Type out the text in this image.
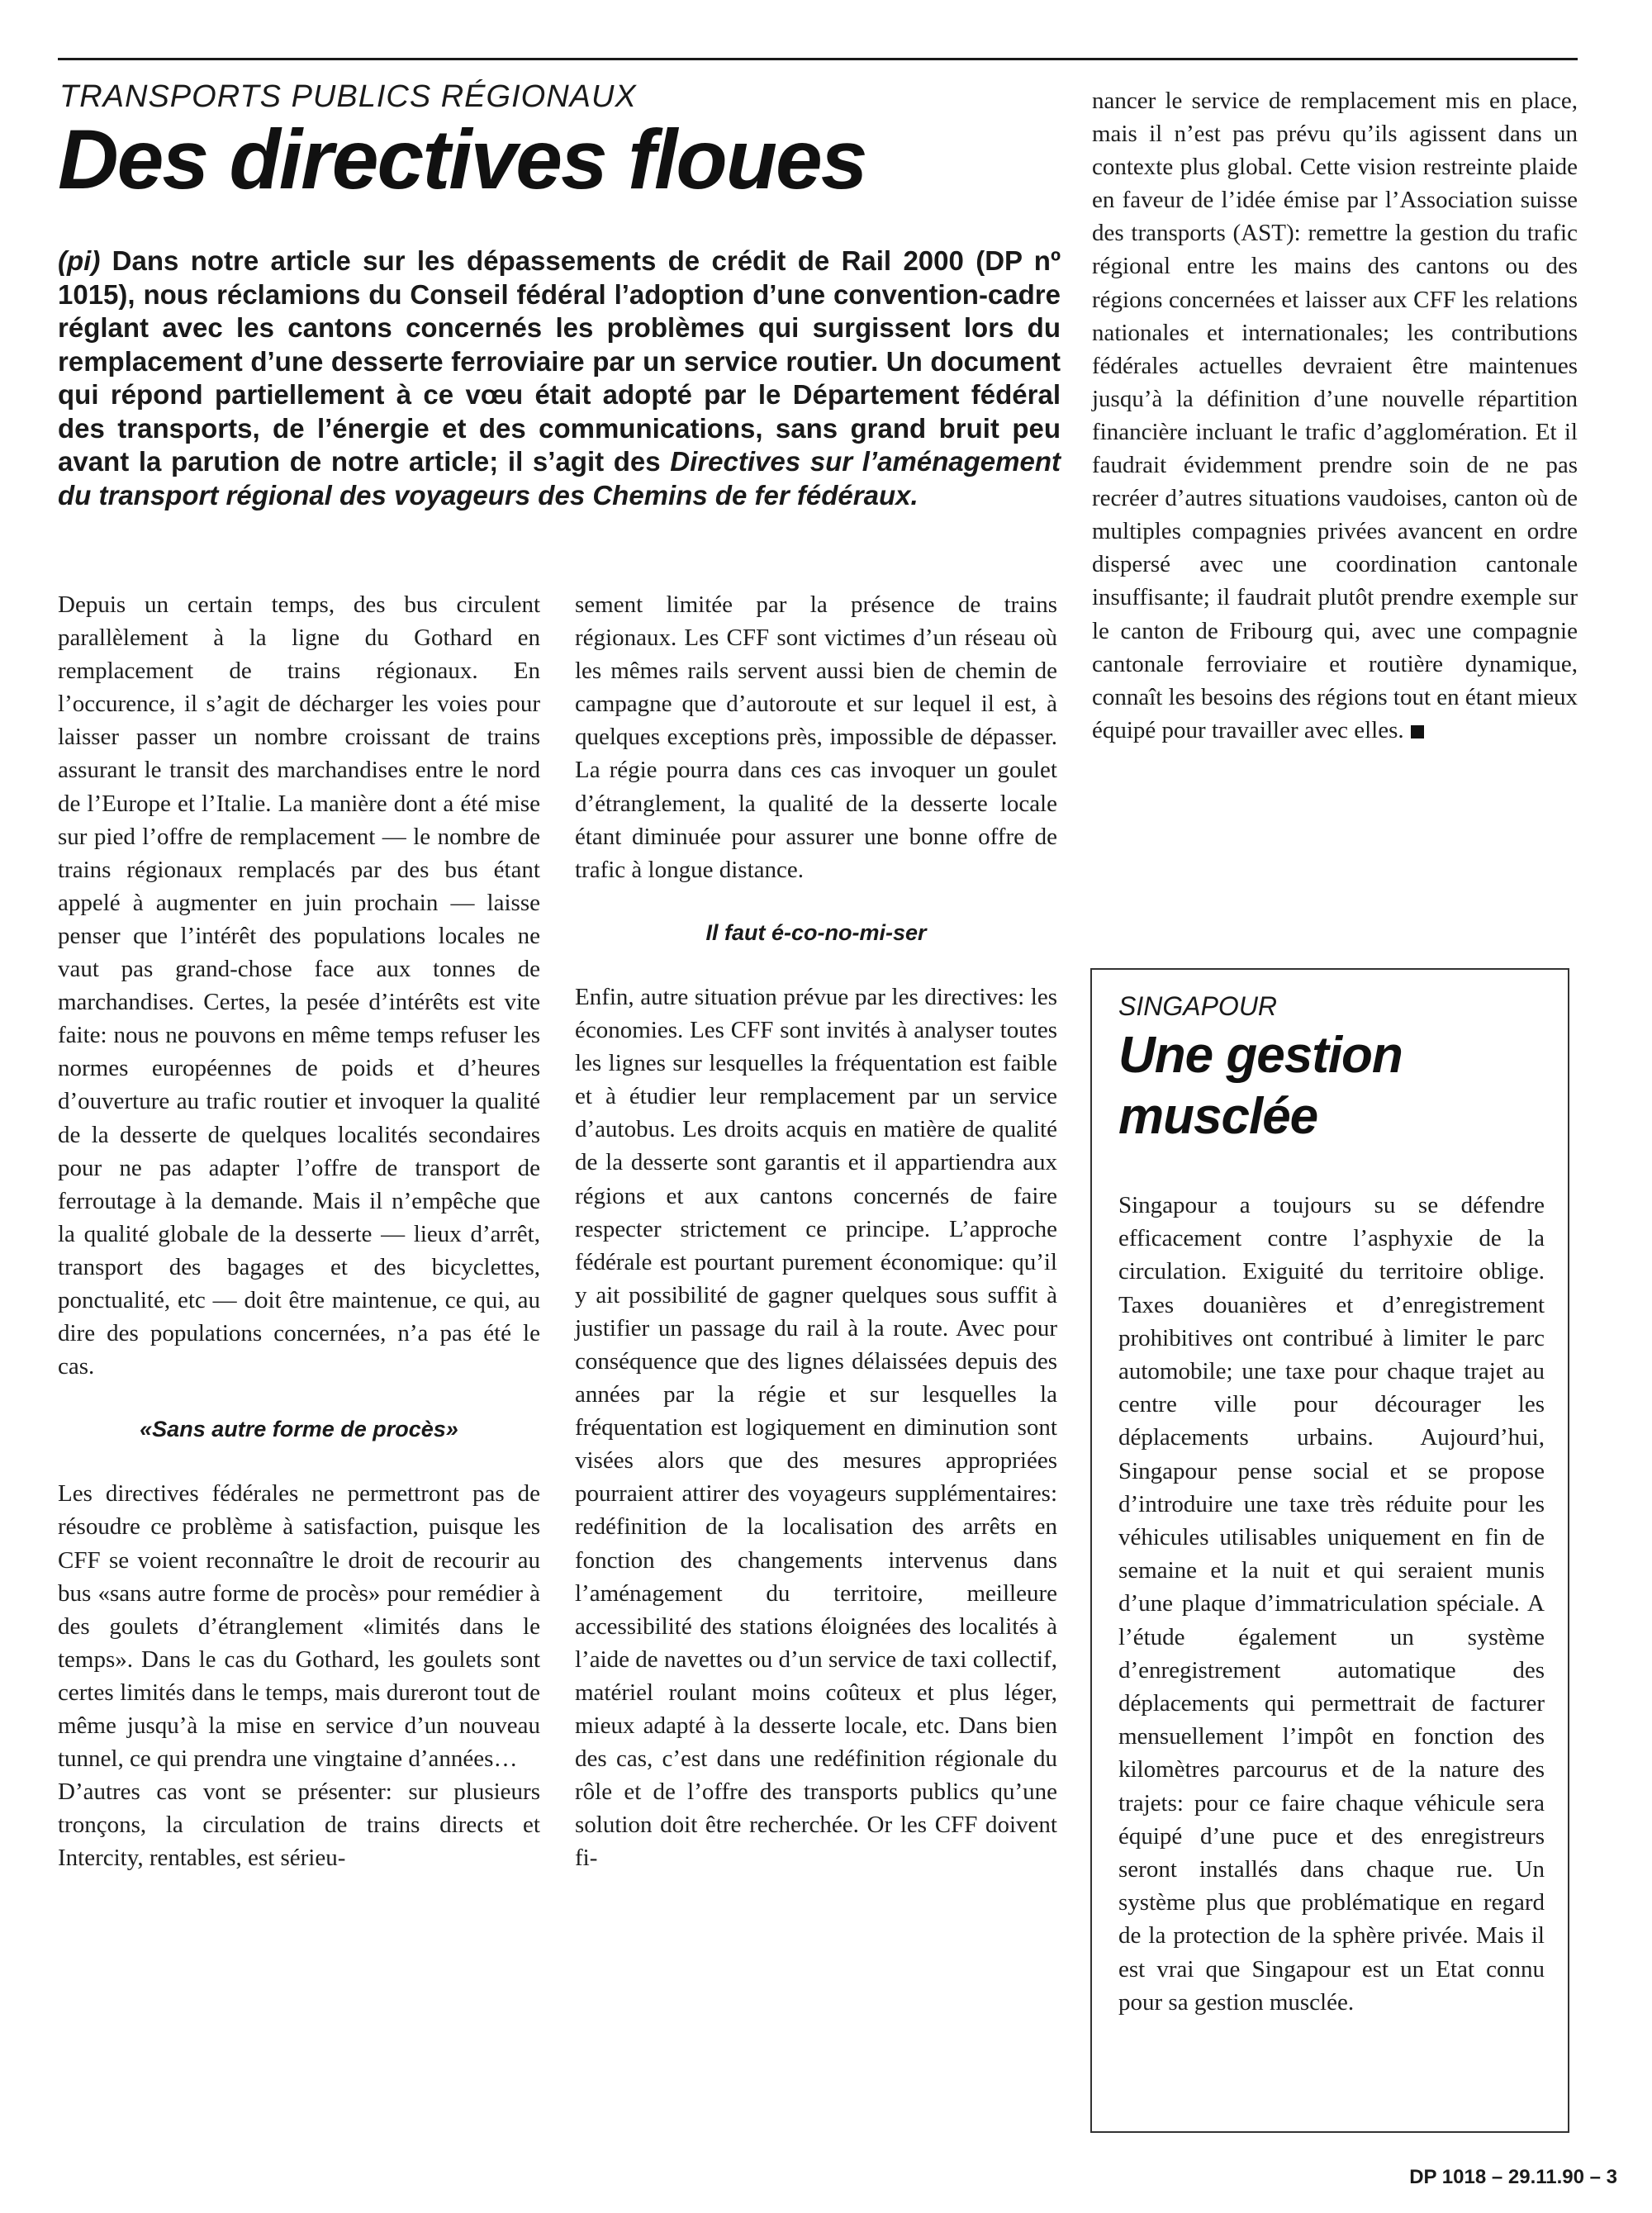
TRANSPORTS PUBLICS RÉGIONAUX
Des directives floues

(pi) Dans notre article sur les dépassements de crédit de Rail 2000 (DP nº 1015), nous réclamions du Conseil fédéral l’adoption d’une convention-cadre réglant avec les cantons concernés les problèmes qui surgissent lors du remplacement d’une desserte ferroviaire par un service routier. Un document qui répond partiellement à ce vœu était adopté par le Département fédéral des transports, de l’énergie et des communications, sans grand bruit peu avant la parution de notre article; il s’agit des Directives sur l’aménagement du transport régional des voyageurs des Chemins de fer fédéraux.

Depuis un certain temps, des bus circulent parallèlement à la ligne du Gothard en remplacement de trains régionaux. En l’occurence, il s’agit de décharger les voies pour laisser passer un nombre croissant de trains assurant le transit des marchandises entre le nord de l’Europe et l’Italie. La manière dont a été mise sur pied l’offre de remplacement — le nombre de trains régionaux remplacés par des bus étant appelé à augmenter en juin prochain — laisse penser que l’intérêt des populations locales ne vaut pas grand-chose face aux tonnes de marchandises. Certes, la pesée d’intérêts est vite faite: nous ne pouvons en même temps refuser les normes européennes de poids et d’heures d’ouverture au trafic routier et invoquer la qualité de la desserte de quelques localités secondaires pour ne pas adapter l’offre de transport de ferroutage à la demande. Mais il n’empêche que la qualité globale de la desserte — lieux d’arrêt, transport des bagages et des bicyclettes, ponctualité, etc — doit être maintenue, ce qui, au dire des populations concernées, n’a pas été le cas.

«Sans autre forme de procès»

Les directives fédérales ne permettront pas de résoudre ce problème à satisfaction, puisque les CFF se voient reconnaître le droit de recourir au bus «sans autre forme de procès» pour remédier à des goulets d’étranglement «limités dans le temps». Dans le cas du Gothard, les goulets sont certes limités dans le temps, mais dureront tout de même jusqu’à la mise en service d’un nouveau tunnel, ce qui prendra une vingtaine d’années…

D’autres cas vont se présenter: sur plusieurs tronçons, la circulation de trains directs et Intercity, rentables, est sérieu-

sement limitée par la présence de trains régionaux. Les CFF sont victimes d’un réseau où les mêmes rails servent aussi bien de chemin de campagne que d’autoroute et sur lequel il est, à quelques exceptions près, impossible de dépasser. La régie pourra dans ces cas invoquer un goulet d’étranglement, la qualité de la desserte locale étant diminuée pour assurer une bonne offre de trafic à longue distance.

Il faut é-co-no-mi-ser

Enfin, autre situation prévue par les directives: les économies. Les CFF sont invités à analyser toutes les lignes sur lesquelles la fréquentation est faible et à étudier leur remplacement par un service d’autobus. Les droits acquis en matière de qualité de la desserte sont garantis et il appartiendra aux régions et aux cantons concernés de faire respecter strictement ce principe. L’approche fédérale est pourtant purement économique: qu’il y ait possibilité de gagner quelques sous suffit à justifier un passage du rail à la route. Avec pour conséquence que des lignes délaissées depuis des années par la régie et sur lesquelles la fréquentation est logiquement en diminution sont visées alors que des mesures appropriées pourraient attirer des voyageurs supplémentaires: redéfinition de la localisation des arrêts en fonction des changements intervenus dans l’aménagement du territoire, meilleure accessibilité des stations éloignées des localités à l’aide de navettes ou d’un service de taxi collectif, matériel roulant moins coûteux et plus léger, mieux adapté à la desserte locale, etc. Dans bien des cas, c’est dans une redéfinition régionale du rôle et de l’offre des transports publics qu’une solution doit être recherchée. Or les CFF doivent fi-

nancer le service de remplacement mis en place, mais il n’est pas prévu qu’ils agissent dans un contexte plus global. Cette vision restreinte plaide en faveur de l’idée émise par l’Association suisse des transports (AST): remettre la gestion du trafic régional entre les mains des cantons ou des régions concernées et laisser aux CFF les relations nationales et internationales; les contributions fédérales actuelles devraient être maintenues jusqu’à la définition d’une nouvelle répartition financière incluant le trafic d’agglomération. Et il faudrait évidemment prendre soin de ne pas recréer d’autres situations vaudoises, canton où de multiples compagnies privées avancent en ordre dispersé avec une coordination cantonale insuffisante; il faudrait plutôt prendre exemple sur le canton de Fribourg qui, avec une compagnie cantonale ferroviaire et routière dynamique, connaît les besoins des régions tout en étant mieux équipé pour travailler avec elles.

SINGAPOUR
Une gestion musclée

Singapour a toujours su se défendre efficacement contre l’asphyxie de la circulation. Exiguité du territoire oblige. Taxes douanières et d’enregistrement prohibitives ont contribué à limiter le parc automobile; une taxe pour chaque trajet au centre ville pour décourager les déplacements urbains. Aujourd’hui, Singapour pense social et se propose d’introduire une taxe très réduite pour les véhicules utilisables uniquement en fin de semaine et la nuit et qui seraient munis d’une plaque d’immatriculation spéciale. A l’étude également un système d’enregistrement automatique des déplacements qui permettrait de facturer mensuellement l’impôt en fonction des kilomètres parcourus et de la nature des trajets: pour ce faire chaque véhicule sera équipé d’une puce et des enregistreurs seront installés dans chaque rue. Un système plus que problématique en regard de la protection de la sphère privée. Mais il est vrai que Singapour est un Etat connu pour sa gestion musclée.

DP 1018 – 29.11.90 – 3
